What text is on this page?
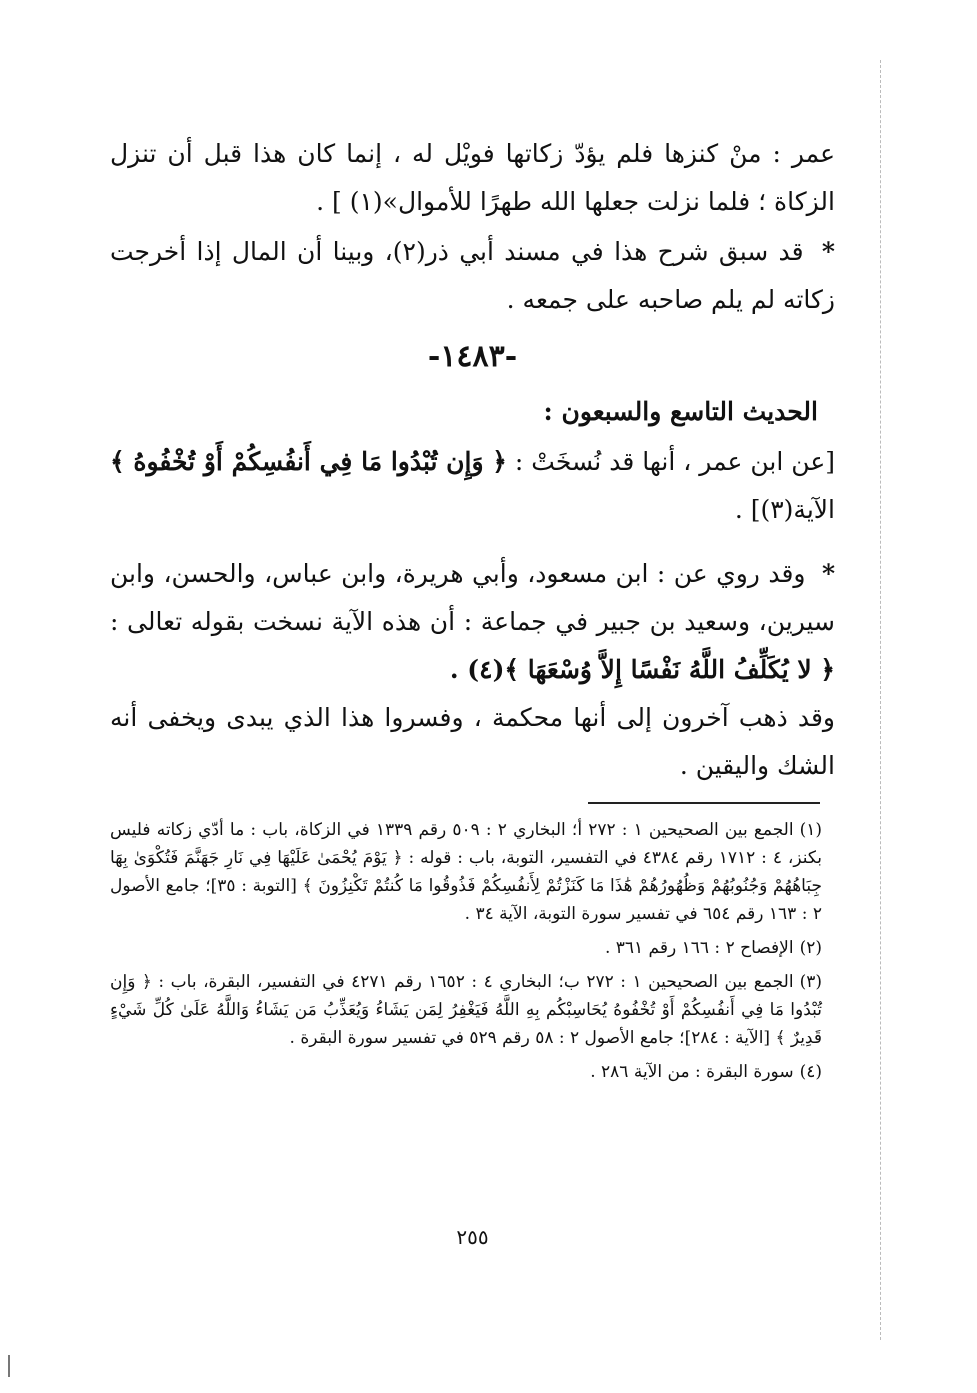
عمر : منْ كنزها فلم يؤدّ زكاتها فويْل له ، إنما كان هذا قبل أن تنزل الزكاة ؛ فلما نزلت جعلها الله طهرًا للأموال»(١) ] .
* قد سبق شرح هذا في مسند أبي ذر(٢)، وبينا أن المال إذا أخرجت زكاته لم يلم صاحبه على جمعه .
-١٤٨٣-
الحديث التاسع والسبعون :
[عن ابن عمر ، أنها قد نُسخَتْ : ﴿ وَإِن تُبْدُوا مَا فِي أَنفُسِكُمْ أَوْ تُخْفُوهُ ﴾ الآية(٣)] .
* وقد روي عن : ابن مسعود، وأبي هريرة، وابن عباس، والحسن، وابن سيرين، وسعيد بن جبير في جماعة : أن هذه الآية نسخت بقوله تعالى : ﴿ لا يُكَلِّفُ اللَّهُ نَفْسًا إِلاَّ وُسْعَهَا ﴾(٤) .
وقد ذهب آخرون إلى أنها محكمة ، وفسروا هذا الذي يبدى ويخفى أنه الشك واليقين .
(١)الجمع بين الصحيحين ١ : ٢٧٢ أ؛ البخاري ٢ : ٥٠٩ رقم ١٣٣٩ في الزكاة، باب : ما أدّي زكاته فليس بكنز، ٤ : ١٧١٢ رقم ٤٣٨٤ في التفسير، التوبة، باب : قوله : ﴿ يَوْمَ يُحْمَىٰ عَلَيْهَا فِي نَارِ جَهَنَّمَ فَتُكْوَىٰ بِهَا جِبَاهُهُمْ وَجُنُوبُهُمْ وَظُهُورُهُمْ هَٰذَا مَا كَنَزْتُمْ لِأَنفُسِكُمْ فَذُوقُوا مَا كُنتُمْ تَكْنِزُونَ ﴾ [التوبة : ٣٥]؛ جامع الأصول ٢ : ١٦٣ رقم ٦٥٤ في تفسير سورة التوبة، الآية ٣٤ .
(٢)الإفصاح ٢ : ١٦٦ رقم ٣٦١ .
(٣)الجمع بين الصحيحين ١ : ٢٧٢ ب؛ البخاري ٤ : ١٦٥٢ رقم ٤٢٧١ في التفسير، البقرة، باب : ﴿ وَإِن تُبْدُوا مَا فِي أَنفُسِكُمْ أَوْ تُخْفُوهُ يُحَاسِبْكُم بِهِ اللَّهُ فَيَغْفِرُ لِمَن يَشَاءُ وَيُعَذِّبُ مَن يَشَاءُ وَاللَّهُ عَلَىٰ كُلِّ شَيْءٍ قَدِيرٌ ﴾ [الآية : ٢٨٤]؛ جامع الأصول ٢ : ٥٨ رقم ٥٢٩ في تفسير سورة البقرة .
(٤)سورة البقرة : من الآية ٢٨٦ .
٢٥٥
